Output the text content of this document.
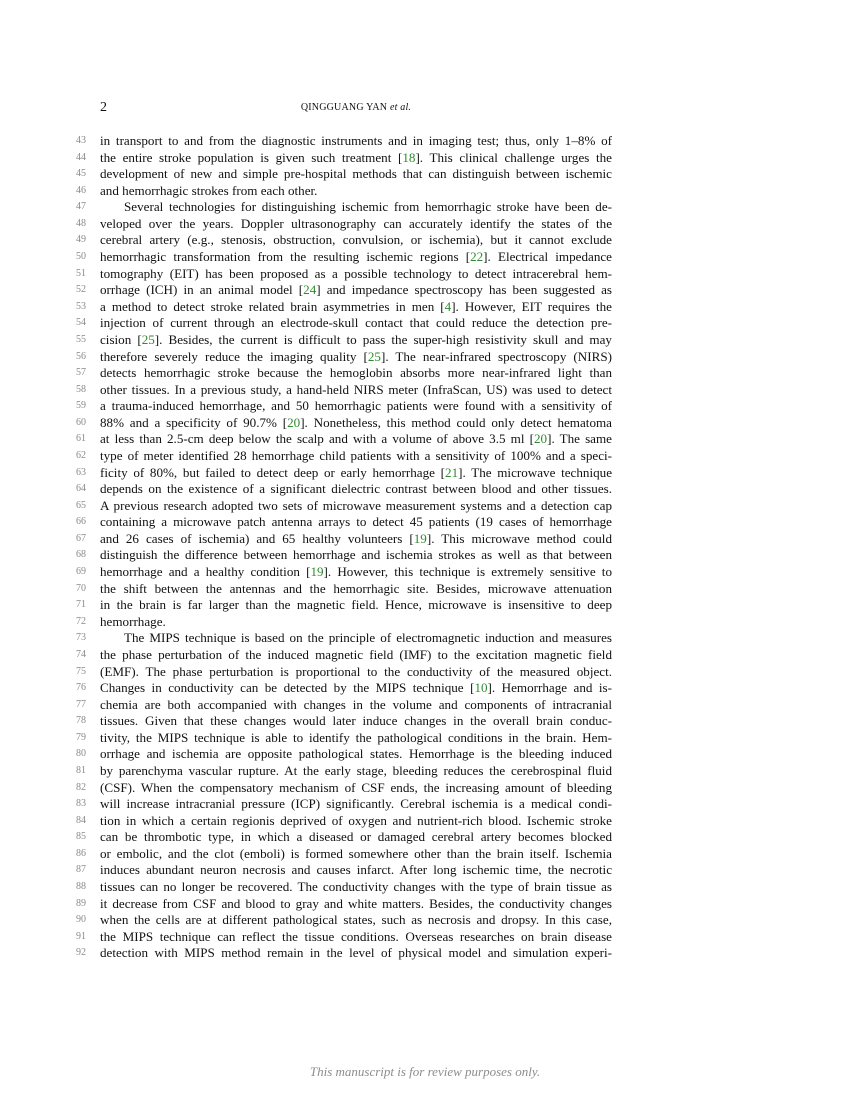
2	QINGGUANG YAN et al.
43 in transport to and from the diagnostic instruments and in imaging test; thus, only 1–8% of
44 the entire stroke population is given such treatment [18]. This clinical challenge urges the
45 development of new and simple pre-hospital methods that can distinguish between ischemic
46 and hemorrhagic strokes from each other.
47	Several technologies for distinguishing ischemic from hemorrhagic stroke have been de-
48 veloped over the years. Doppler ultrasonography can accurately identify the states of the
49 cerebral artery (e.g., stenosis, obstruction, convulsion, or ischemia), but it cannot exclude
50 hemorrhagic transformation from the resulting ischemic regions [22]. Electrical impedance
51 tomography (EIT) has been proposed as a possible technology to detect intracerebral hem-
52 orrhage (ICH) in an animal model [24] and impedance spectroscopy has been suggested as
53 a method to detect stroke related brain asymmetries in men [4]. However, EIT requires the
54 injection of current through an electrode-skull contact that could reduce the detection pre-
55 cision [25]. Besides, the current is difficult to pass the super-high resistivity skull and may
56 therefore severely reduce the imaging quality [25]. The near-infrared spectroscopy (NIRS)
57 detects hemorrhagic stroke because the hemoglobin absorbs more near-infrared light than
58 other tissues. In a previous study, a hand-held NIRS meter (InfraScan, US) was used to detect
59 a trauma-induced hemorrhage, and 50 hemorrhagic patients were found with a sensitivity of
60 88% and a specificity of 90.7% [20]. Nonetheless, this method could only detect hematoma
61 at less than 2.5-cm deep below the scalp and with a volume of above 3.5 ml [20]. The same
62 type of meter identified 28 hemorrhage child patients with a sensitivity of 100% and a speci-
63 ficity of 80%, but failed to detect deep or early hemorrhage [21]. The microwave technique
64 depends on the existence of a significant dielectric contrast between blood and other tissues.
65 A previous research adopted two sets of microwave measurement systems and a detection cap
66 containing a microwave patch antenna arrays to detect 45 patients (19 cases of hemorrhage
67 and 26 cases of ischemia) and 65 healthy volunteers [19]. This microwave method could
68 distinguish the difference between hemorrhage and ischemia strokes as well as that between
69 hemorrhage and a healthy condition [19]. However, this technique is extremely sensitive to
70 the shift between the antennas and the hemorrhagic site. Besides, microwave attenuation
71 in the brain is far larger than the magnetic field. Hence, microwave is insensitive to deep
72 hemorrhage.
73	The MIPS technique is based on the principle of electromagnetic induction and measures
74 the phase perturbation of the induced magnetic field (IMF) to the excitation magnetic field
75 (EMF). The phase perturbation is proportional to the conductivity of the measured object.
76 Changes in conductivity can be detected by the MIPS technique [10]. Hemorrhage and is-
77 chemia are both accompanied with changes in the volume and components of intracranial
78 tissues. Given that these changes would later induce changes in the overall brain conduc-
79 tivity, the MIPS technique is able to identify the pathological conditions in the brain. Hem-
80 orrhage and ischemia are opposite pathological states. Hemorrhage is the bleeding induced
81 by parenchyma vascular rupture. At the early stage, bleeding reduces the cerebrospinal fluid
82 (CSF). When the compensatory mechanism of CSF ends, the increasing amount of bleeding
83 will increase intracranial pressure (ICP) significantly. Cerebral ischemia is a medical condi-
84 tion in which a certain regionis deprived of oxygen and nutrient-rich blood. Ischemic stroke
85 can be thrombotic type, in which a diseased or damaged cerebral artery becomes blocked
86 or embolic, and the clot (emboli) is formed somewhere other than the brain itself. Ischemia
87 induces abundant neuron necrosis and causes infarct. After long ischemic time, the necrotic
88 tissues can no longer be recovered. The conductivity changes with the type of brain tissue as
89 it decrease from CSF and blood to gray and white matters. Besides, the conductivity changes
90 when the cells are at different pathological states, such as necrosis and dropsy. In this case,
91 the MIPS technique can reflect the tissue conditions. Overseas researches on brain disease
92 detection with MIPS method remain in the level of physical model and simulation experi-
This manuscript is for review purposes only.
